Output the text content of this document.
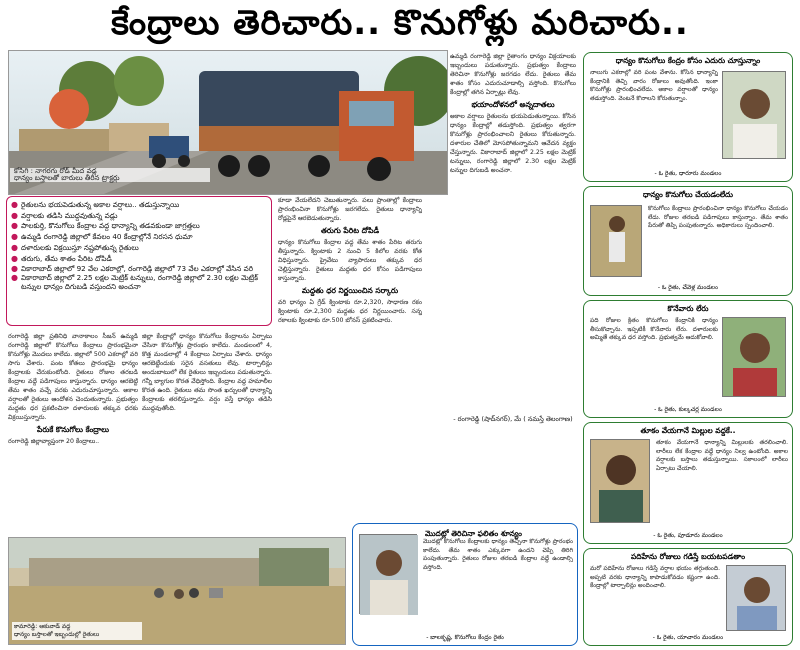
కేంద్రాలు తెరిచారు.. కొనుగోళ్లు మరిచారు..
కోసిగి : నాగరగు రోడ్ మీద వడ్ల
ధాన్యం బస్తాలతో బారులు తీరిన ట్రాక్టర్లు
● రైతులను భయపెడుతున్న అకాల వర్షాలు.. తడుస్తున్నాయి
● వర్షాలకు తడిసి ముద్దవుతున్న వడ్లు
● పాలకుర్తి, కొనుగోలు కేంద్రాల వద్ద ధాన్యాన్ని తడవకుండా జాగ్రత్తలు
● ఉమ్మడి రంగారెడ్డి జిల్లాలో కేవలం 40 కేంద్రాల్లోనే నిరసన ధుమా
● దళారులకు విక్రయిస్తూ నష్టపోతున్న రైతులు
● తరుగు, తేమ శాతం పేరిట దోపిడీ
● వికారాబాద్ జిల్లాలో 92 వేల ఎకరాల్లో, రంగారెడ్డి జిల్లాలో 73 వేల ఎకరాల్లో వేసిన వరి
● వికారాబాద్ జిల్లాలో 2.25 లక్షల మెట్రిక్ టన్నులు, రంగారెడ్డి జిల్లాలో 2.30 లక్షల మెట్రిక్ టన్నుల ధాన్యం దిగుబడి వస్తుందని అంచనా

రంగారెడ్డి జిల్లా ప్రతినిధి వానాకాలం సీజన్ ఉమ్మడి రంగారెడ్డి జిల్లాలో కొనుగోలు కేంద్రాలు ప్రారంభమైనా కొనుగోళ్లు మొదలు కాలేదు. జిల్లాలో 500 ఎకరాల్లో వరి సాగు చేశారు. పంట కోతలు ప్రారంభమై ధాన్యం కేంద్రాలకు చేరుకుంటోంది. రైతులు రోజుల తరబడి కేంద్రాల వద్దే పడిగాపులు కాస్తున్నారు. ధాన్యం ఆరబెట్టి తేమ శాతం వచ్చే వరకు ఎదురుచూస్తున్నారు. అకాల వర్షాలతో రైతులు ఆందోళన చెందుతున్నారు. ప్రభుత్వం మద్దతు ధర ప్రకటించినా దళారులకు తక్కువ ధరకు విక్రయిస్తున్నారు.

పేరుకే కొనుగోలు కేంద్రాలు

రంగారెడ్డి జిల్లావ్యాప్తంగా 20 కేంద్రాలు..

జిల్లా కేంద్రాల్లో ధాన్యం కొనుగోలు కేంద్రాలను ఏర్పాటు చేసినా కొనుగోళ్లు ప్రారంభం కాలేదు. మండలంలో 4, కొత్త మండలాల్లో 4 కేంద్రాలు ఏర్పాటు చేశారు. ధాన్యం ఆరబెట్టేందుకు సరైన వసతులు లేవు. టార్పాలిన్లు అందుబాటులో లేక రైతులు ఇబ్బందులు పడుతున్నారు. గన్నీ బ్యాగుల కొరత వేధిస్తోంది. కేంద్రాల వద్ద హమాలీల కొరత ఉంది. రైతులు తమ సొంత ఖర్చులతో ధాన్యాన్ని కేంద్రాలకు తరలిస్తున్నారు. వర్షం వస్తే ధాన్యం తడిసి ముద్దవుతోంది.

కూడా వేయలేదని చెబుతున్నారు. పలు ప్రాంతాల్లో కేంద్రాలు ప్రారంభించినా కొనుగోళ్లు జరగలేదు. రైతులు ధాన్యాన్ని రోడ్లపైనే ఆరబెడుతున్నారు.

తరుగు పేరిట దోపిడీ

ధాన్యం కొనుగోలు కేంద్రాల వద్ద తేమ శాతం పేరిట తరుగు తీస్తున్నారు. క్వింటాకు 2 నుంచి 5 కిలోల వరకు కోత విధిస్తున్నారు. ప్రైవేటు వ్యాపారులు తక్కువ ధర చెల్లిస్తున్నారు. రైతులు మద్దతు ధర కోసం పడిగాపులు కాస్తున్నారు.

మద్దతు ధర నిర్ణయించిన సర్కారు

వరి ధాన్యం ఏ గ్రేడ్ క్వింటాకు రూ.2,320, సాధారణ రకం క్వింటాకు రూ.2,300 మద్దతు ధర నిర్ణయించారు. సన్న రకాలకు క్వింటాకు రూ.500 బోనస్ ప్రకటించారు.

ఉమ్మడి రంగారెడ్డి జిల్లా రైతాంగం ధాన్యం విక్రయాలకు ఇబ్బందులు పడుతున్నారు. ప్రభుత్వం కేంద్రాలు తెరిచినా కొనుగోళ్లు జరగడం లేదు. రైతులు తేమ శాతం కోసం ఎదురుచూడాల్సి వస్తోంది. కొనుగోలు కేంద్రాల్లో తగిన ఏర్పాట్లు లేవు.

భయాందోళనలో అన్నదాతలు

అకాల వర్షాలు రైతులను భయపెడుతున్నాయి. కోసిన ధాన్యం కేంద్రాల్లో తడుస్తోంది. ప్రభుత్వం త్వరగా కొనుగోళ్లు ప్రారంభించాలని రైతులు కోరుతున్నారు. దళారుల చేతిలో మోసపోతున్నామని ఆవేదన వ్యక్తం చేస్తున్నారు. వికారాబాద్ జిల్లాలో 2.25 లక్షల మెట్రిక్ టన్నులు, రంగారెడ్డి జిల్లాలో 2.30 లక్షల మెట్రిక్ టన్నుల దిగుబడి అంచనా.

- రంగారెడ్డి (షాద్‌నగర్), మే ( నమస్తే తెలంగాణ)
కామారెడ్డి: ఆకువాడ్ వద్ద
ధాన్యం బస్తాలతో ఇబ్బందుల్లో రైతులు
మొదట్లో తెరిచినా ఫలితం శూన్యం
మొదట్లో కొనుగోలు కేంద్రాలకు ధాన్యం తెచ్చినా కొనుగోళ్లు ప్రారంభం కాలేదు. తేమ శాతం ఎక్కువగా ఉందని చెప్పి తిరిగి పంపుతున్నారు. రైతులు రోజుల తరబడి కేంద్రాల వద్దే ఉండాల్సి వస్తోంది.
- బాలకృష్ణ, కొనుగోలు కేంద్రం రైతు
ధాన్యం కొనుగోలు కేంద్రం కోసం ఎదురు చూస్తున్నాం
నాలుగు ఎకరాల్లో వరి పంట వేశాను. కోసిన ధాన్యాన్ని కేంద్రానికి తెచ్చి వారం రోజులు అవుతోంది. ఇంకా కొనుగోళ్లు ప్రారంభించలేదు. అకాల వర్షాలతో ధాన్యం తడుస్తోంది. వెంటనే కొనాలని కోరుతున్నాం.
- ఓ రైతు, ధారూరు మండలం
ధాన్యం కొనుగోలు చేయడంలేదు
కొనుగోలు కేంద్రాలు ప్రారంభించినా ధాన్యం కొనుగోలు చేయడం లేదు. రోజుల తరబడి పడిగాపులు కాస్తున్నాం. తేమ శాతం పేరుతో తిప్పి పంపుతున్నారు. అధికారులు స్పందించాలి.
- ఓ రైతు, చేవెళ్ల మండలం
కొనేవారు లేరు
పది రోజుల క్రితం కొనుగోలు కేంద్రానికి ధాన్యం తీసుకొచ్చాను. ఇప్పటికీ కొనేవారు లేరు. దళారులకు అమ్మితే తక్కువ ధర వస్తోంది. ప్రభుత్వమే ఆదుకోవాలి.
- ఓ రైతు, కుల్కచర్ల మండలం
తూకం వేయగానే మిల్లుల వద్దకే..
తూకం వేయగానే ధాన్యాన్ని మిల్లులకు తరలించాలి. లారీలు లేక కేంద్రాల వద్దే ధాన్యం నిల్వ ఉంటోంది. అకాల వర్షాలకు బస్తాలు తడుస్తున్నాయి. సకాలంలో లారీలు ఏర్పాటు చేయాలి.
- ఓ రైతు, పూడూరు మండలం
పదిహేను రోజులు గడిస్తే బయటపడతాం
మరో పదిహేను రోజులు గడిస్తే వర్షాల భయం తగ్గుతుంది. అప్పటి వరకు ధాన్యాన్ని కాపాడుకోవడం కష్టంగా ఉంది. కేంద్రాల్లో టార్పాలిన్లు అందించాలి.
- ఓ రైతు, యాచారం మండలం
